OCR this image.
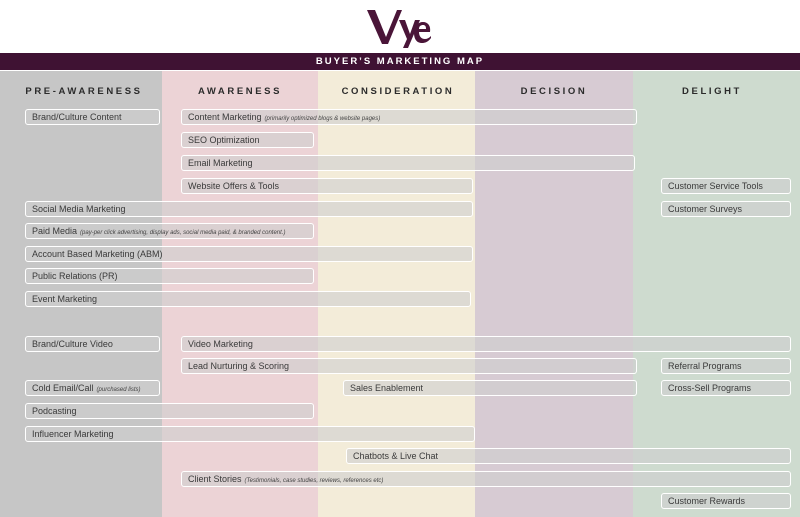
BUYER’S MARKETING MAP
PRE-AWARENESS	AWARENESS	CONSIDERATION	DECISION	DELIGHT
Brand/Culture Content	Content Marketing (primarily optimized blogs & website pages)
SEO Optimization
Email Marketing
Website Offers & Tools	Customer Service Tools
Social Media Marketing	Customer Surveys
Paid Media (pay-per click advertising, display ads, social media paid, & branded content.)
Account Based Marketing (ABM)
Public Relations (PR)
Event Marketing
Brand/Culture Video	Video Marketing
Lead Nurturing & Scoring	Referral Programs
Cold Email/Call (purchased lists)	Sales Enablement	Cross-Sell Programs
Podcasting
Influencer Marketing
Chatbots & Live Chat
Client Stories (Testimonials, case studies, reviews, references etc)
Customer Rewards
